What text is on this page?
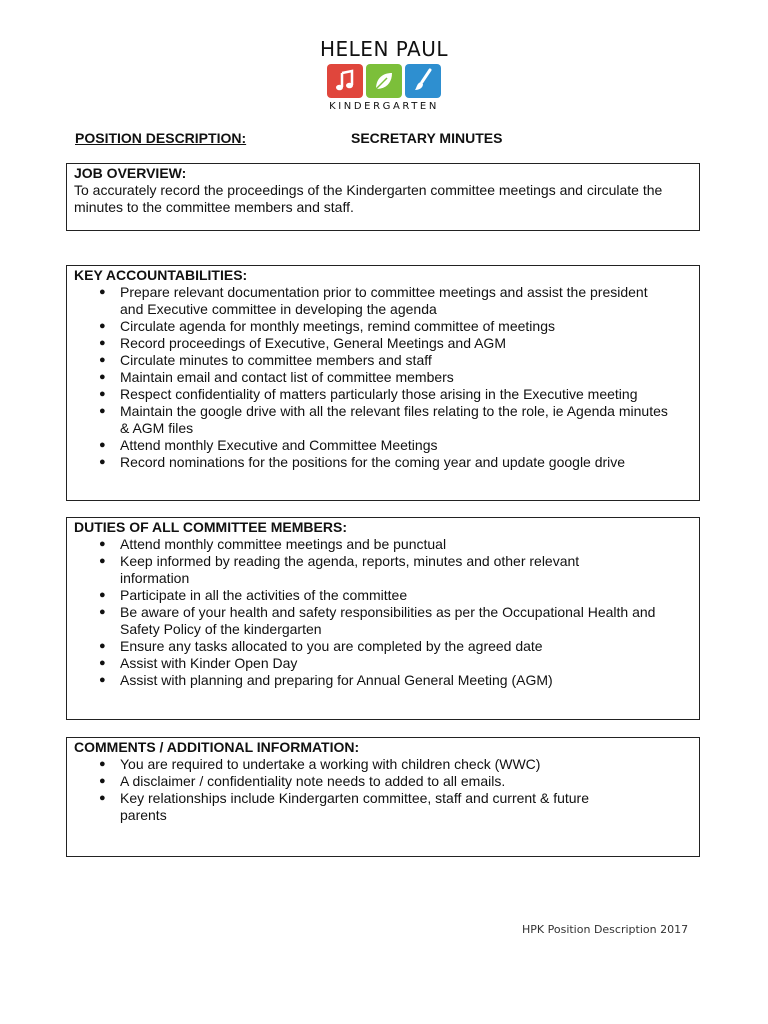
HELEN PAUL
KINDERGARTEN
POSITION DESCRIPTION:	SECRETARY MINUTES
JOB OVERVIEW:
To accurately record the proceedings of the Kindergarten committee meetings and circulate the minutes to the committee members and staff.
KEY ACCOUNTABILITIES:
● Prepare relevant documentation prior to committee meetings and assist the president and Executive committee in developing the agenda
● Circulate agenda for monthly meetings, remind committee of meetings
● Record proceedings of Executive, General Meetings and AGM
● Circulate minutes to committee members and staff
● Maintain email and contact list of committee members
● Respect confidentiality of matters particularly those arising in the Executive meeting
● Maintain the google drive with all the relevant files relating to the role, ie Agenda minutes & AGM files
● Attend monthly Executive and Committee Meetings
● Record nominations for the positions for the coming year and update google drive
DUTIES OF ALL COMMITTEE MEMBERS:
● Attend monthly committee meetings and be punctual
● Keep informed by reading the agenda, reports, minutes and other relevant information
● Participate in all the activities of the committee
● Be aware of your health and safety responsibilities as per the Occupational Health and Safety Policy of the kindergarten
● Ensure any tasks allocated to you are completed by the agreed date
● Assist with Kinder Open Day
● Assist with planning and preparing for Annual General Meeting (AGM)
COMMENTS / ADDITIONAL INFORMATION:
● You are required to undertake a working with children check (WWC)
● A disclaimer / confidentiality note needs to added to all emails.
● Key relationships include Kindergarten committee, staff and current & future parents
HPK Position Description 2017
